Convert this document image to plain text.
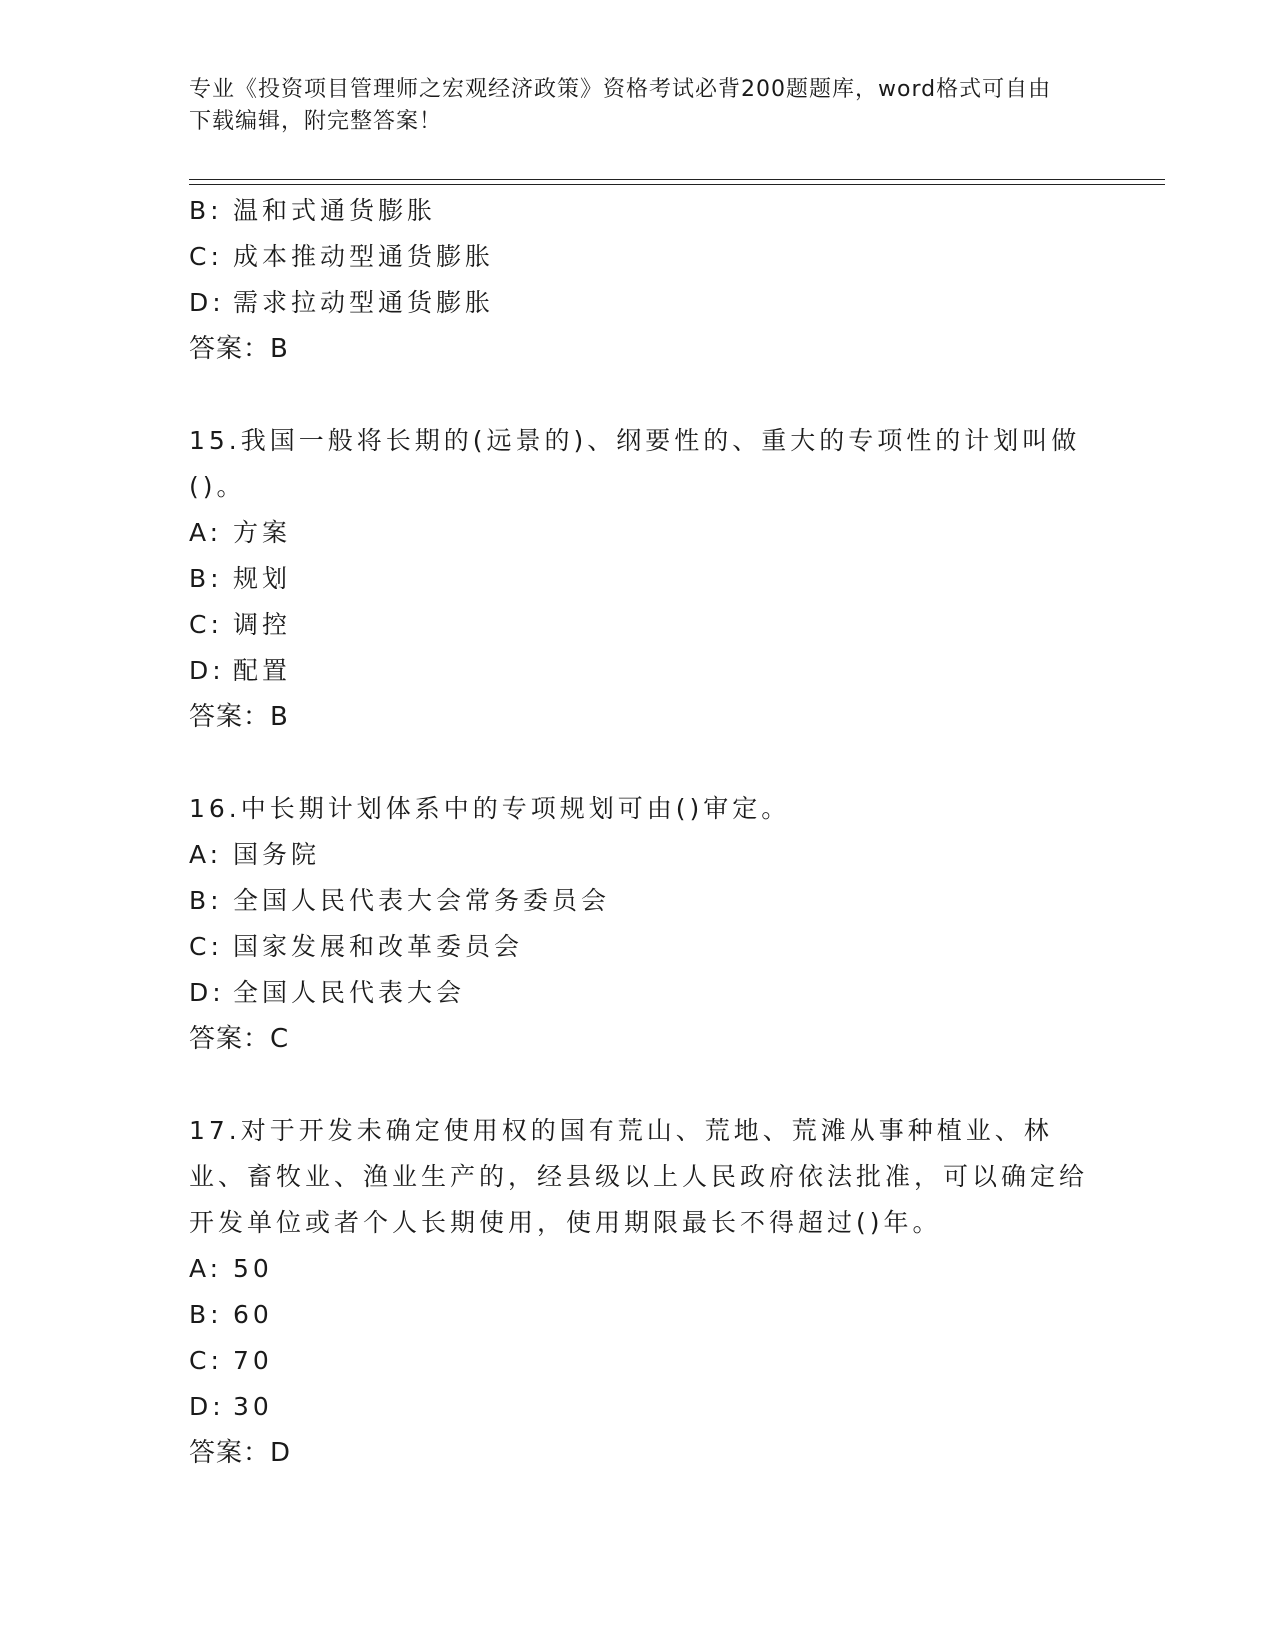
专业《投资项目管理师之宏观经济政策》资格考试必背200题题库，word格式可自由下载编辑，附完整答案！
B: 温和式通货膨胀
C: 成本推动型通货膨胀
D: 需求拉动型通货膨胀
答案：B
15.我国一般将长期的(远景的)、纲要性的、重大的专项性的计划叫做()。
A: 方案
B: 规划
C: 调控
D: 配置
答案：B
16.中长期计划体系中的专项规划可由()审定。
A: 国务院
B: 全国人民代表大会常务委员会
C: 国家发展和改革委员会
D: 全国人民代表大会
答案：C
17.对于开发未确定使用权的国有荒山、荒地、荒滩从事种植业、林业、畜牧业、渔业生产的，经县级以上人民政府依法批准，可以确定给开发单位或者个人长期使用，使用期限最长不得超过()年。
A: 50
B: 60
C: 70
D: 30
答案：D
